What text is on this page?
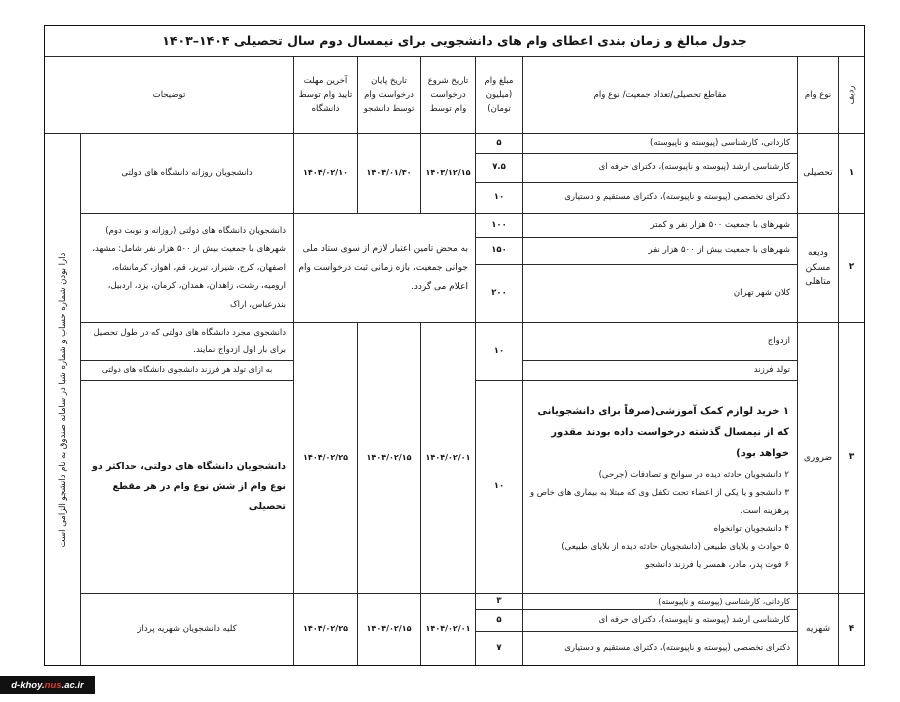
جدول مبالغ و زمان بندی اعطای وام های دانشجویی برای نیمسال دوم سال تحصیلی ۱۴۰۴–۱۴۰۳
ردیف
نوع وام
مقاطع تحصیلی/تعداد جمعیت/ نوع وام
مبلغ وام (میلیون تومان)
تاریخ شروع درخواست وام توسط
تاریخ پایان درخواست وام توسط دانشجو
آخرین مهلت تایید وام توسط دانشگاه
توضیحات
دارا بودن شماره حساب و شماره شبا در سامانه صندوق به نام دانشجو الزامی است
۱
تحصیلی
کاردانی، کارشناسی (پیوسته و ناپیوسته)
کارشناسی ارشد (پیوسته و ناپیوسته)، دکترای حرفه ای
دکترای تخصصی (پیوسته و ناپیوسته)، دکترای مستقیم و دستیاری
۵
۷.۵
۱۰
۱۴۰۳/۱۲/۱۵
۱۴۰۴/۰۱/۳۰
۱۴۰۴/۰۲/۱۰
دانشجویان روزانه دانشگاه های دولتی
۲
ودیعه مسکن متاهلی
شهرهای با جمعیت ۵۰۰ هزار نفر و کمتر
شهرهای با جمعیت بیش از ۵۰۰ هزار نفر
کلان شهر تهران
۱۰۰
۱۵۰
۲۰۰
به محض تامین اعتبار لازم از سوی ستاد ملی جوانی جمعیت، بازه زمانی ثبت درخواست وام اعلام می گردد.
دانشجویان دانشگاه های دولتی (روزانه و نوبت دوم) شهرهای با جمعیت بیش از ۵۰۰ هزار نفر شامل: مشهد، اصفهان، کرج، شیراز، تبریز، قم، اهواز، کرمانشاه، ارومیه، رشت، زاهدان، همدان، کرمان، یزد، اردبیل، بندرعباس، اراک
۳
ضروری
ازدواج
تولد فرزند
۱ خرید لوازم کمک آموزشی(صرفاً برای دانشجویانی که از نیمسال گذشته درخواست داده بودند مقدور خواهد بود)
۲ دانشجویان حادثه دیده در سوانح و تصادفات (جرحی)
۳ دانشجو و یا یکی از اعضاء تحت تکفل وی که مبتلا به بیماری های خاص و پرهزینه است.
۴ دانشجویان توانخواه
۵ حوادث و بلایای طبیعی (دانشجویان حادثه دیده از بلایای طبیعی)
۶ فوت پدر، مادر، همسر یا فرزند دانشجو
۱۰
۱۰
۱۴۰۴/۰۲/۰۱
۱۴۰۴/۰۲/۱۵
۱۴۰۴/۰۲/۲۵
دانشجوی مجرد دانشگاه های دولتی که در طول تحصیل برای بار اول ازدواج نمایند.
به ازای تولد هر فرزند دانشجوی دانشگاه های دولتی
دانشجویان دانشگاه های دولتی، حداکثر دو نوع وام از شش نوع وام در هر مقطع تحصیلی
۴
شهریه
کاردانی، کارشناسی (پیوسته و ناپیوسته)
کارشناسی ارشد (پیوسته و ناپیوسته)، دکترای حرفه ای
دکترای تخصصی (پیوسته و ناپیوسته)، دکترای مستقیم و دستیاری
۳
۵
۷
۱۴۰۴/۰۲/۰۱
۱۴۰۴/۰۲/۱۵
۱۴۰۴/۰۲/۲۵
کلیه دانشجویان شهریه پرداز
d-khoy. nus .ac.ir
